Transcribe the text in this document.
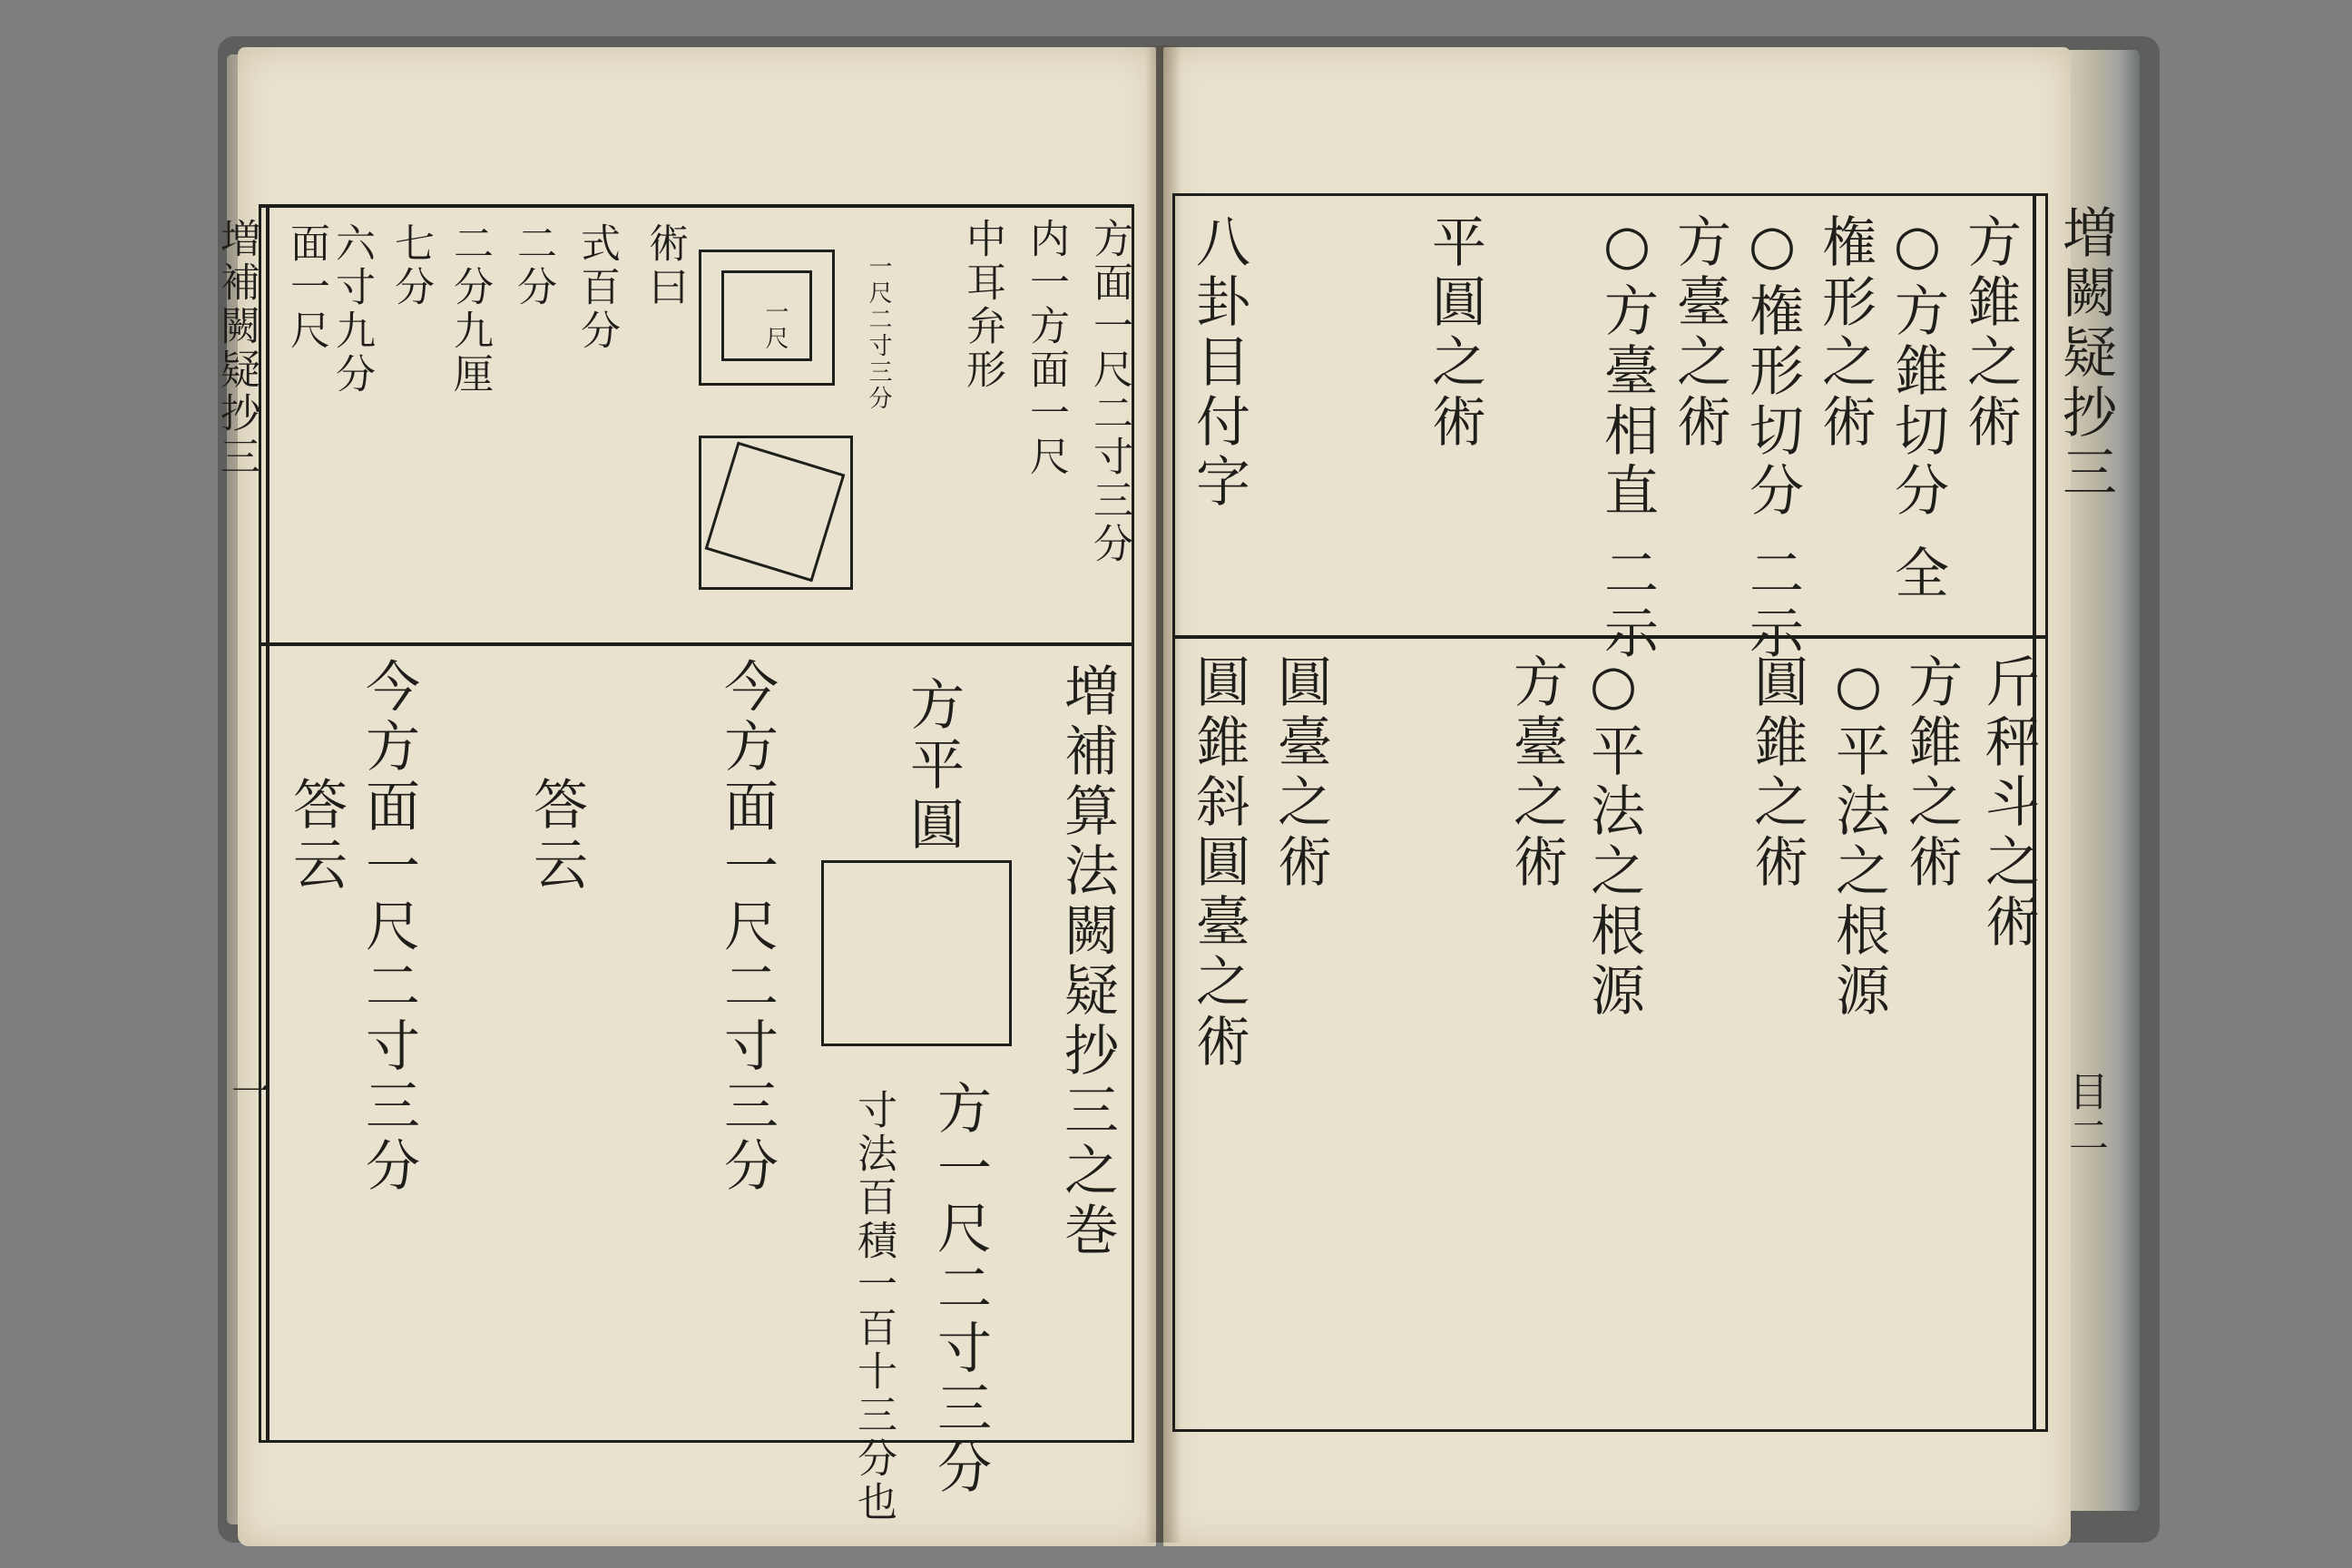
増補闕疑抄三
一
一尺	方面一尺二寸三分
内一方面一尺
中耳弁形
一尺二寸三分
術曰
式百分
二分
二分九厘
七分
六寸九分
面一尺
増補算法闕疑抄三之巻
方平圓
方一尺二寸三分
寸法百積一百十三分也
今方面一尺二寸三分
答云
今方面一尺二寸三分
答云
増闕疑抄三
目二
方錐之術
○方錐切分 全
権形之術
○権形切分 二示
方臺之術
○方臺相直 二示
平圓之術
八卦目付字
斤秤斗之術
方錐之術
○平法之根源
圓錐之術
○平法之根源
方臺之術
圓臺之術
圓錐斜圓臺之術
